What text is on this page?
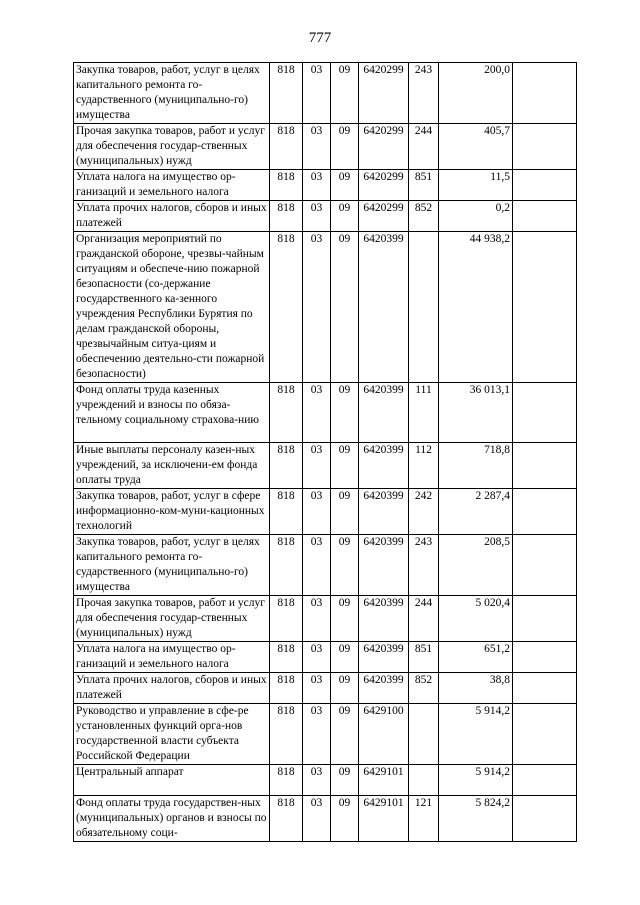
777
Закупка товаров, работ, услуг в целях капитального ремонта го-сударственного (муниципально-го) имущества	818	03	09	6420299	243	200,0	
Прочая закупка товаров, работ и услуг для обеспечения государ-ственных (муниципальных) нужд	818	03	09	6420299	244	405,7	
Уплата налога на имущество ор-ганизаций и земельного налога	818	03	09	6420299	851	11,5	
Уплата прочих налогов, сборов и иных платежей	818	03	09	6420299	852	0,2	
Организация мероприятий по гражданской обороне, чрезвы-чайным ситуациям и обеспече-нию пожарной безопасности (со-держание государственного ка-зенного учреждения Республики Бурятия по делам гражданской обороны, чрезвычайным ситуа-циям и обеспечению деятельно-сти пожарной безопасности)	818	03	09	6420399		44 938,2	
Фонд оплаты труда казенных учреждений и взносы по обяза-тельному социальному страхова-нию	818	03	09	6420399	111	36 013,1	
Иные выплаты персоналу казен-ных учреждений, за исключени-ем фонда оплаты труда	818	03	09	6420399	112	718,8	
Закупка товаров, работ, услуг в сфере информационно-ком-муни-кационных технологий	818	03	09	6420399	242	2 287,4	
Закупка товаров, работ, услуг в целях капитального ремонта го-сударственного (муниципально-го) имущества	818	03	09	6420399	243	208,5	
Прочая закупка товаров, работ и услуг для обеспечения государ-ственных (муниципальных) нужд	818	03	09	6420399	244	5 020,4	
Уплата налога на имущество ор-ганизаций и земельного налога	818	03	09	6420399	851	651,2	
Уплата прочих налогов, сборов и иных платежей	818	03	09	6420399	852	38,8	
Руководство и управление в сфе-ре установленных функций орга-нов государственной власти субъекта Российской Федерации	818	03	09	6429100		5 914,2	
Центральный аппарат	818	03	09	6429101		5 914,2	
Фонд оплаты труда государствен-ных (муниципальных) органов и взносы по обязательному соци-	818	03	09	6429101	121	5 824,2	
